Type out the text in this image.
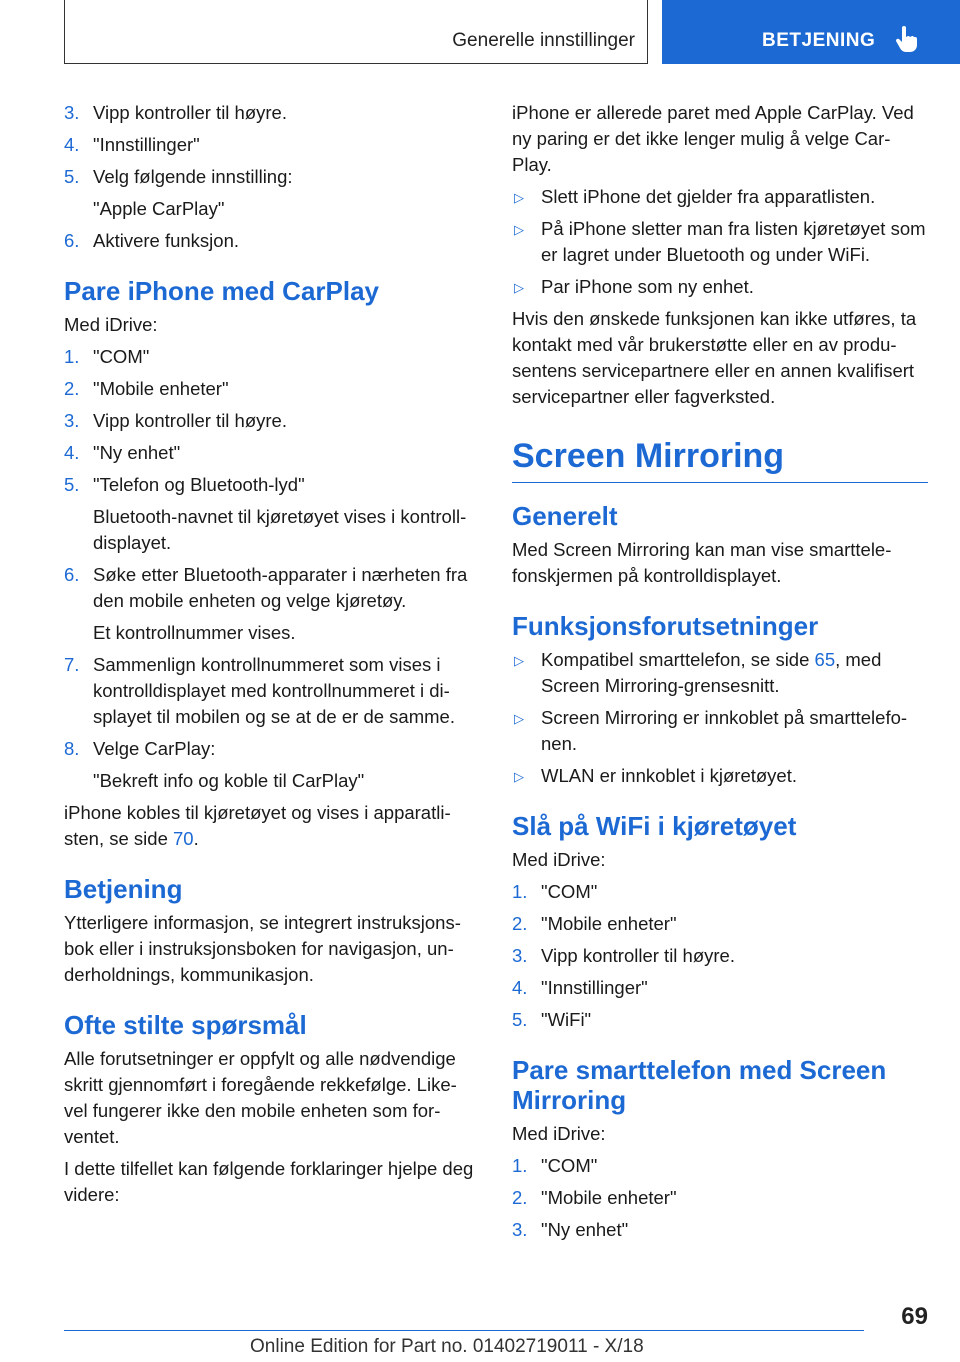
Generelle innstillinger	BETJENING
3. Vipp kontroller til høyre.
4. "Innstillinger"
5. Velg følgende innstilling:
"Apple CarPlay"
6. Aktivere funksjon.
Pare iPhone med CarPlay
Med iDrive:
1. "COM"
2. "Mobile enheter"
3. Vipp kontroller til høyre.
4. "Ny enhet"
5. "Telefon og Bluetooth-lyd"
Bluetooth-navnet til kjøretøyet vises i kontroll-displayet.
6. Søke etter Bluetooth-apparater i nærheten fra den mobile enheten og velge kjøretøy.
Et kontrollnummer vises.
7. Sammenlign kontrollnummeret som vises i kontrolldisplayet med kontrollnummeret i di-splayet til mobilen og se at de er de samme.
8. Velge CarPlay:
"Bekreft info og koble til CarPlay"
iPhone kobles til kjøretøyet og vises i apparatli-sten, se side 70.
Betjening
Ytterligere informasjon, se integrert instruksjons-bok eller i instruksjonsboken for navigasjon, un-derholdnings, kommunikasjon.
Ofte stilte spørsmål
Alle forutsetninger er oppfylt og alle nødvendige skritt gjennomført i foregående rekkefølge. Like-vel fungerer ikke den mobile enheten som for-ventet.
I dette tilfellet kan følgende forklaringer hjelpe deg videre:
iPhone er allerede paret med Apple CarPlay. Ved ny paring er det ikke lenger mulig å velge Car-Play.
▷ Slett iPhone det gjelder fra apparatlisten.
▷ På iPhone sletter man fra listen kjøretøyet som er lagret under Bluetooth og under WiFi.
▷ Par iPhone som ny enhet.
Hvis den ønskede funksjonen kan ikke utføres, ta kontakt med vår brukerstøtte eller en av produ-sentens servicepartnere eller en annen kvalifisert servicepartner eller fagverksted.
Screen Mirroring
Generelt
Med Screen Mirroring kan man vise smarttele-fonskjermen på kontrolldisplayet.
Funksjonsforutsetninger
▷ Kompatibel smarttelefon, se side 65, med Screen Mirroring-grensesnitt.
▷ Screen Mirroring er innkoblet på smarttelefo-nen.
▷ WLAN er innkoblet i kjøretøyet.
Slå på WiFi i kjøretøyet
Med iDrive:
1. "COM"
2. "Mobile enheter"
3. Vipp kontroller til høyre.
4. "Innstillinger"
5. "WiFi"
Pare smarttelefon med Screen Mirroring
Med iDrive:
1. "COM"
2. "Mobile enheter"
3. "Ny enhet"
69
Online Edition for Part no. 01402719011 - X/18
